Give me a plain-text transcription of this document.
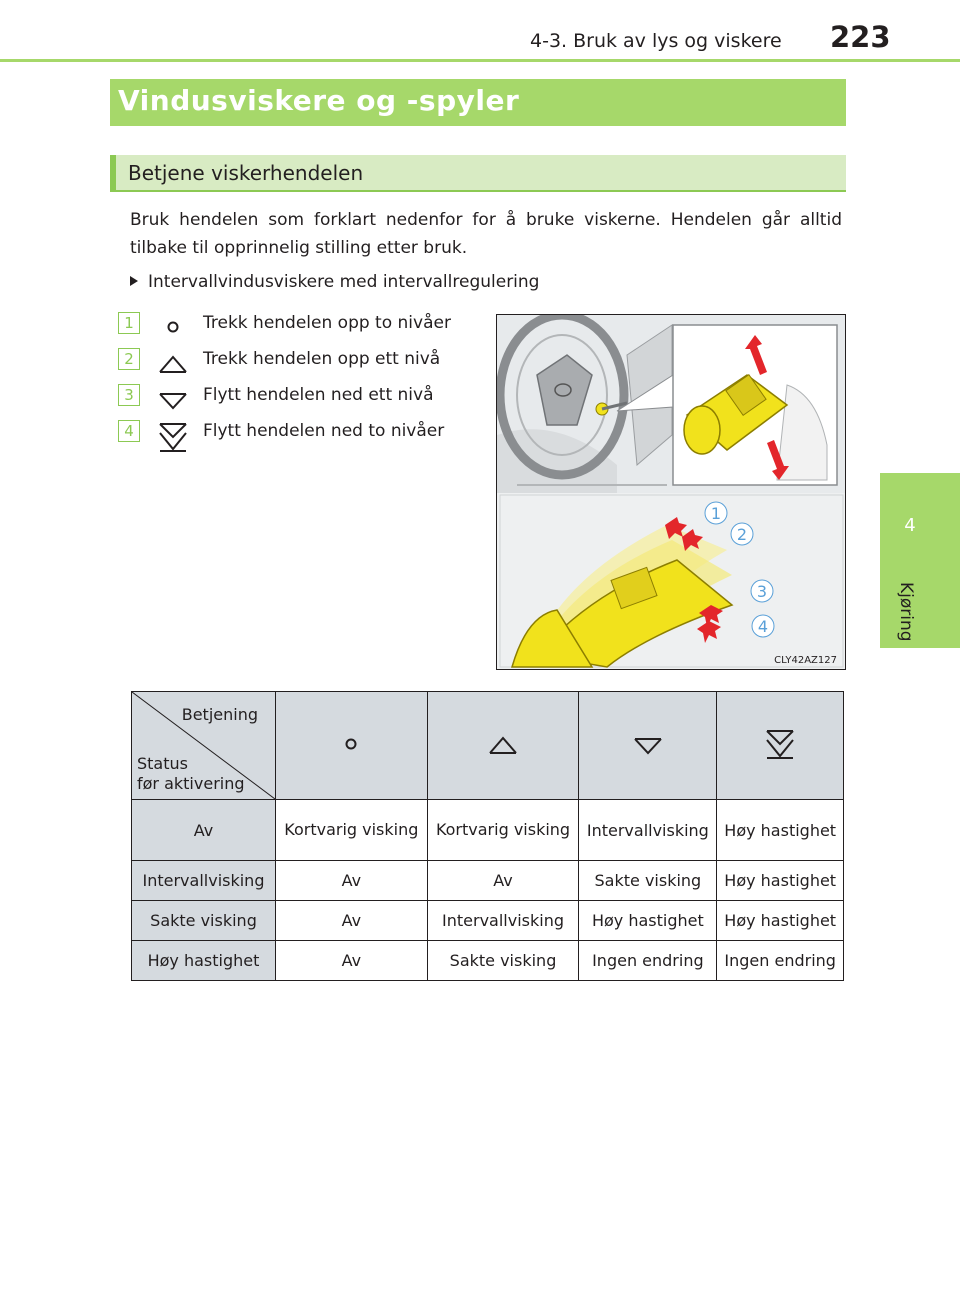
4-3. Bruk av lys og viskere 223
4
Kjøring
Vindusviskere og -spyler
Betjene viskerhendelen
Bruk hendelen som forklart nedenfor for å bruke viskerne. Hendelen går alltid tilbake til opprinnelig stilling etter bruk.
Intervallvindusviskere med intervallregulering
1	Trekk hendelen opp to nivåer
2	Trekk hendelen opp ett nivå
3	Flytt hendelen ned ett nivå
4	Flytt hendelen ned to nivåer
1
2
3
4
CLY42AZ127
Betjening
Status
før aktivering

Av	Kortvarig visking	Kortvarig visking	Intervallvisking	Høy hastighet
Intervallvisking	Av	Av	Sakte visking	Høy hastighet
Sakte visking	Av	Intervallvisking	Høy hastighet	Høy hastighet
Høy hastighet	Av	Sakte visking	Ingen endring	Ingen endring
